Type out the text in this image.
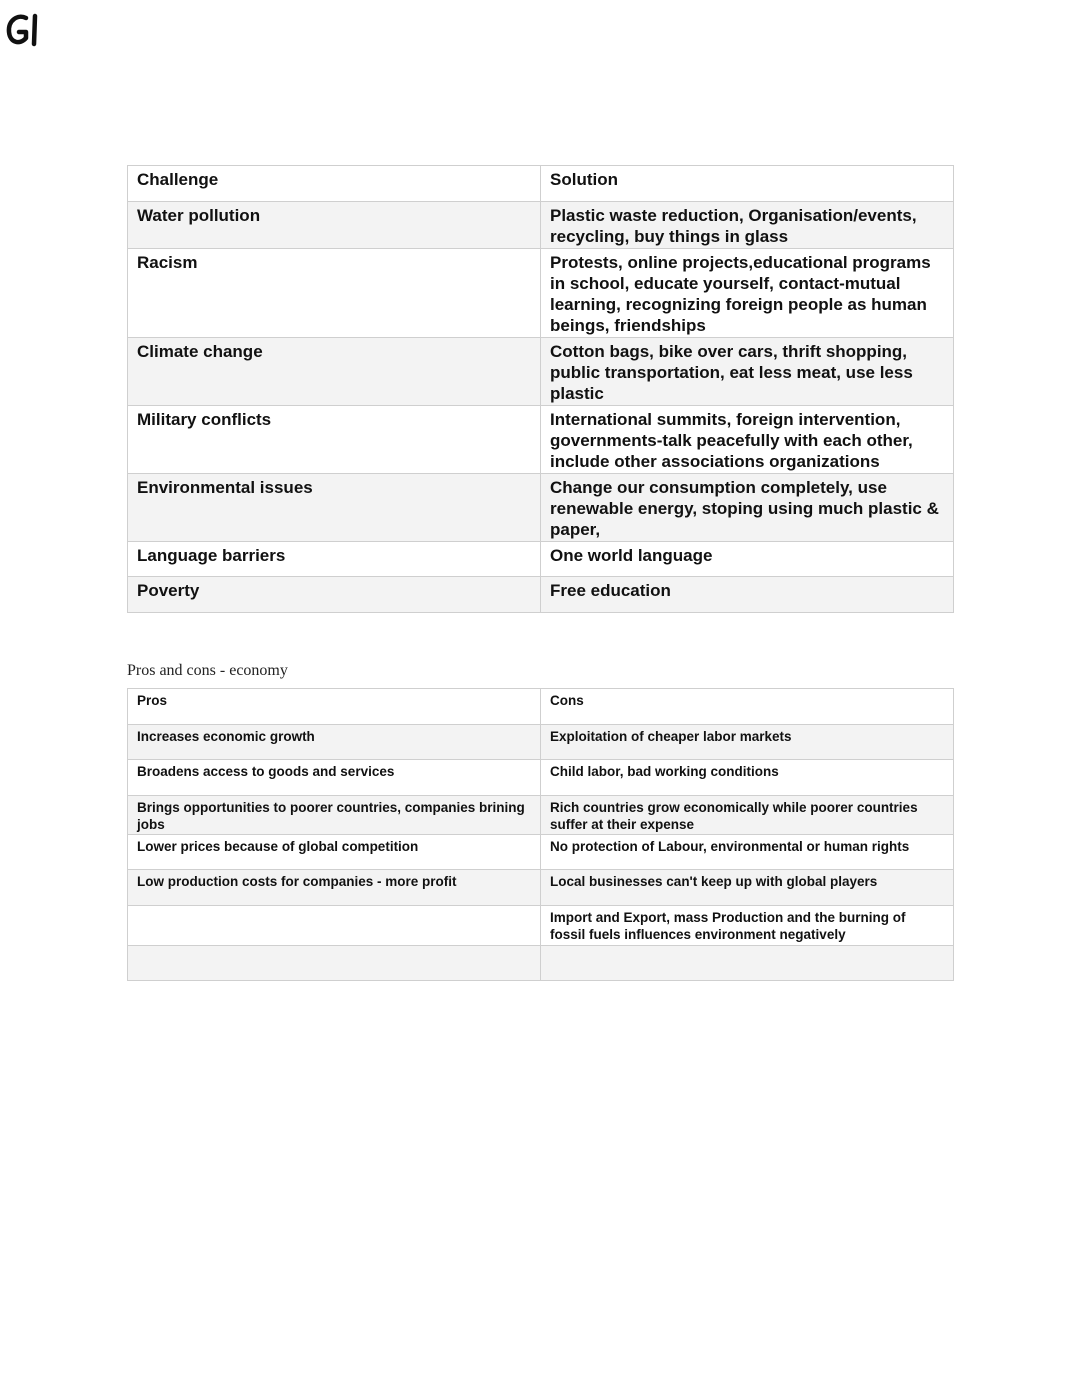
Challenge	Solution
Water pollution	Plastic waste reduction, Organisation/events, recycling, buy things in glass
Racism	Protests, online projects,educational programs in school, educate yourself, contact-mutual learning, recognizing foreign people as human beings, friendships
Climate change	Cotton bags, bike over cars, thrift shopping, public transportation, eat less meat, use less plastic
Military conflicts	International summits, foreign intervention, governments-talk peacefully with each other, include other associations organizations
Environmental issues	Change our consumption completely, use renewable energy, stoping using much plastic & paper,
Language barriers	One world language
Poverty	Free education
Pros and cons - economy
Pros	Cons
Increases economic growth	Exploitation of cheaper labor markets
Broadens access to goods and services	Child labor, bad working conditions
Brings opportunities to poorer countries, companies brining jobs	Rich countries grow economically while poorer countries suffer at their expense
Lower prices because of global competition	No protection of Labour, environmental or human rights
Low production costs for companies - more profit	Local businesses can't keep up with global players
	Import and Export, mass Production and the burning of fossil fuels influences environment negatively
